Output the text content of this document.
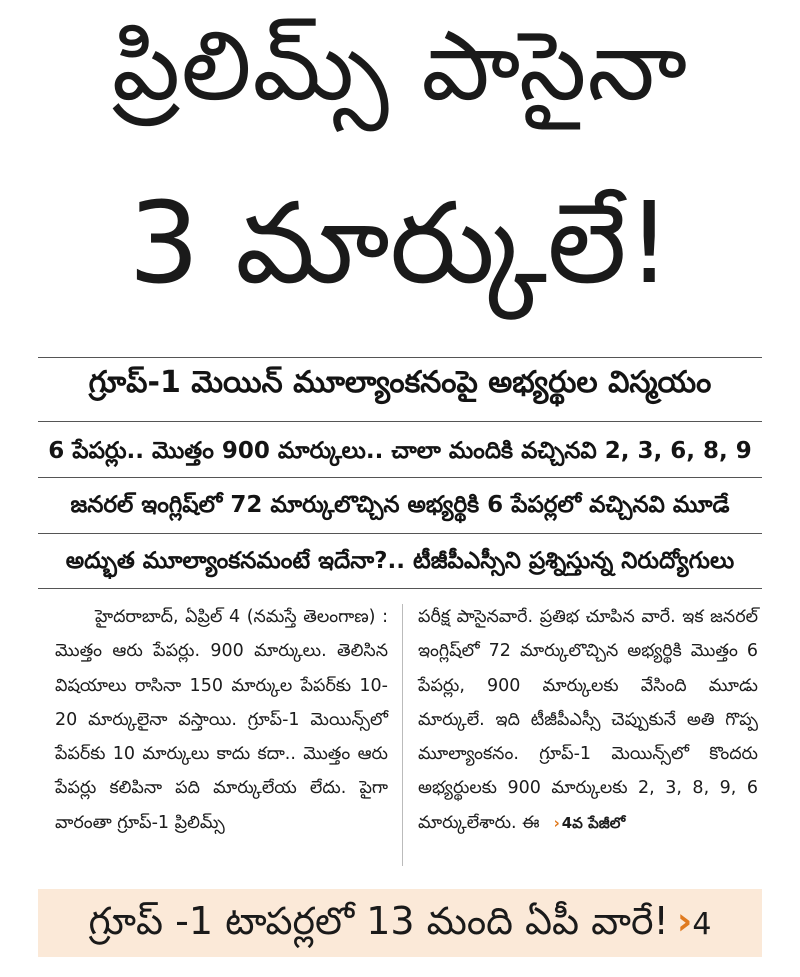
ప్రిలిమ్స్ పాసైనా
3 మార్కులే!
గ్రూప్-1 మెయిన్ మూల్యాంకనంపై అభ్యర్థుల విస్మయం
6 పేపర్లు.. మొత్తం 900 మార్కులు.. చాలా మందికి వచ్చినవి 2, 3, 6, 8, 9
జనరల్ ఇంగ్లిష్‌లో 72 మార్కులొచ్చిన అభ్యర్థికి 6 పేపర్లలో వచ్చినవి మూడే
అద్భుత మూల్యాంకనమంటే ఇదేనా?.. టీజీపీఎస్సీని ప్రశ్నిస్తున్న నిరుద్యోగులు
హైదరాబాద్, ఏప్రిల్ 4 (నమస్తే తెలంగాణ) : మొత్తం ఆరు పేపర్లు. 900 మార్కులు. తెలిసిన విషయాలు రాసినా 150 మార్కుల పేపర్‌కు 10-20 మార్కులైనా వస్తాయి. గ్రూప్-1 మెయిన్స్‌లో పేపర్‌కు 10 మార్కులు కాదు కదా.. మొత్తం ఆరు పేపర్లు కలిపినా పది మార్కులేయ లేదు. పైగా వారంతా గ్రూప్-1 ప్రిలిమ్స్
పరీక్ష పాసైనవారే. ప్రతిభ చూపిన వారే. ఇక జనరల్ ఇంగ్లిష్‌లో 72 మార్కులొచ్చిన అభ్యర్థికి మొత్తం 6 పేపర్లు, 900 మార్కులకు వేసింది మూడు మార్కులే. ఇది టీజీపీఎస్సీ చెప్పుకునే అతి గొప్ప మూల్యాంకనం. గ్రూప్-1 మెయిన్స్‌లో కొందరు అభ్యర్థులకు 900 మార్కులకు 2, 3, 8, 9, 6 మార్కులేశారు. ఈ › 4వ పేజీలో
గ్రూప్ -1 టాపర్లలో 13 మంది ఏపీ వారే! ›4
